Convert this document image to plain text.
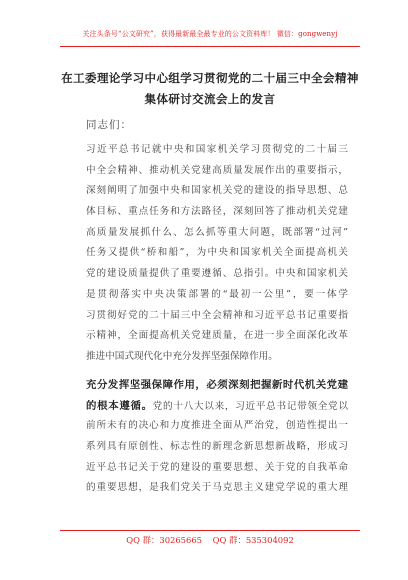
关注头条号“公文研究”，获得最新最全最专业的公文资料库！ 微信：gongwenyj
在工委理论学习中心组学习贯彻党的二十届三中全会精神
集体研讨交流会上的发言
同志们：
习近平总书记就中央和国家机关学习贯彻党的二十届三
中全会精神、推动机关党建高质量发展作出的重要指示，
深刻阐明了加强中央和国家机关党的建设的指导思想、总
体目标、重点任务和方法路径，深刻回答了推动机关党建
高质量发展抓什么、怎么抓等重大问题，既部署“过河”
任务又提供“桥和船”，为中央和国家机关全面提高机关
党的建设质量提供了重要遵循、总指引。中央和国家机关
是贯彻落实中央决策部署的“最初一公里”，要一体学
习贯彻好党的二十届三中全会精神和习近平总书记重要指
示精神，全面提高机关党建质量，在进一步全面深化改革
推进中国式现代化中充分发挥坚强保障作用。
充分发挥坚强保障作用，必须深刻把握新时代机关党建
的根本遵循。党的十八大以来，习近平总书记带领全党以
前所未有的决心和力度推进全面从严治党，创造性提出一
系列具有原创性、标志性的新理念新思想新战略，形成习
近平总书记关于党的建设的重要思想、关于党的自我革命
的重要思想，是我们党关于马克思主义建党学说的重大理
QQ 群：30265665 QQ 群：535304092
